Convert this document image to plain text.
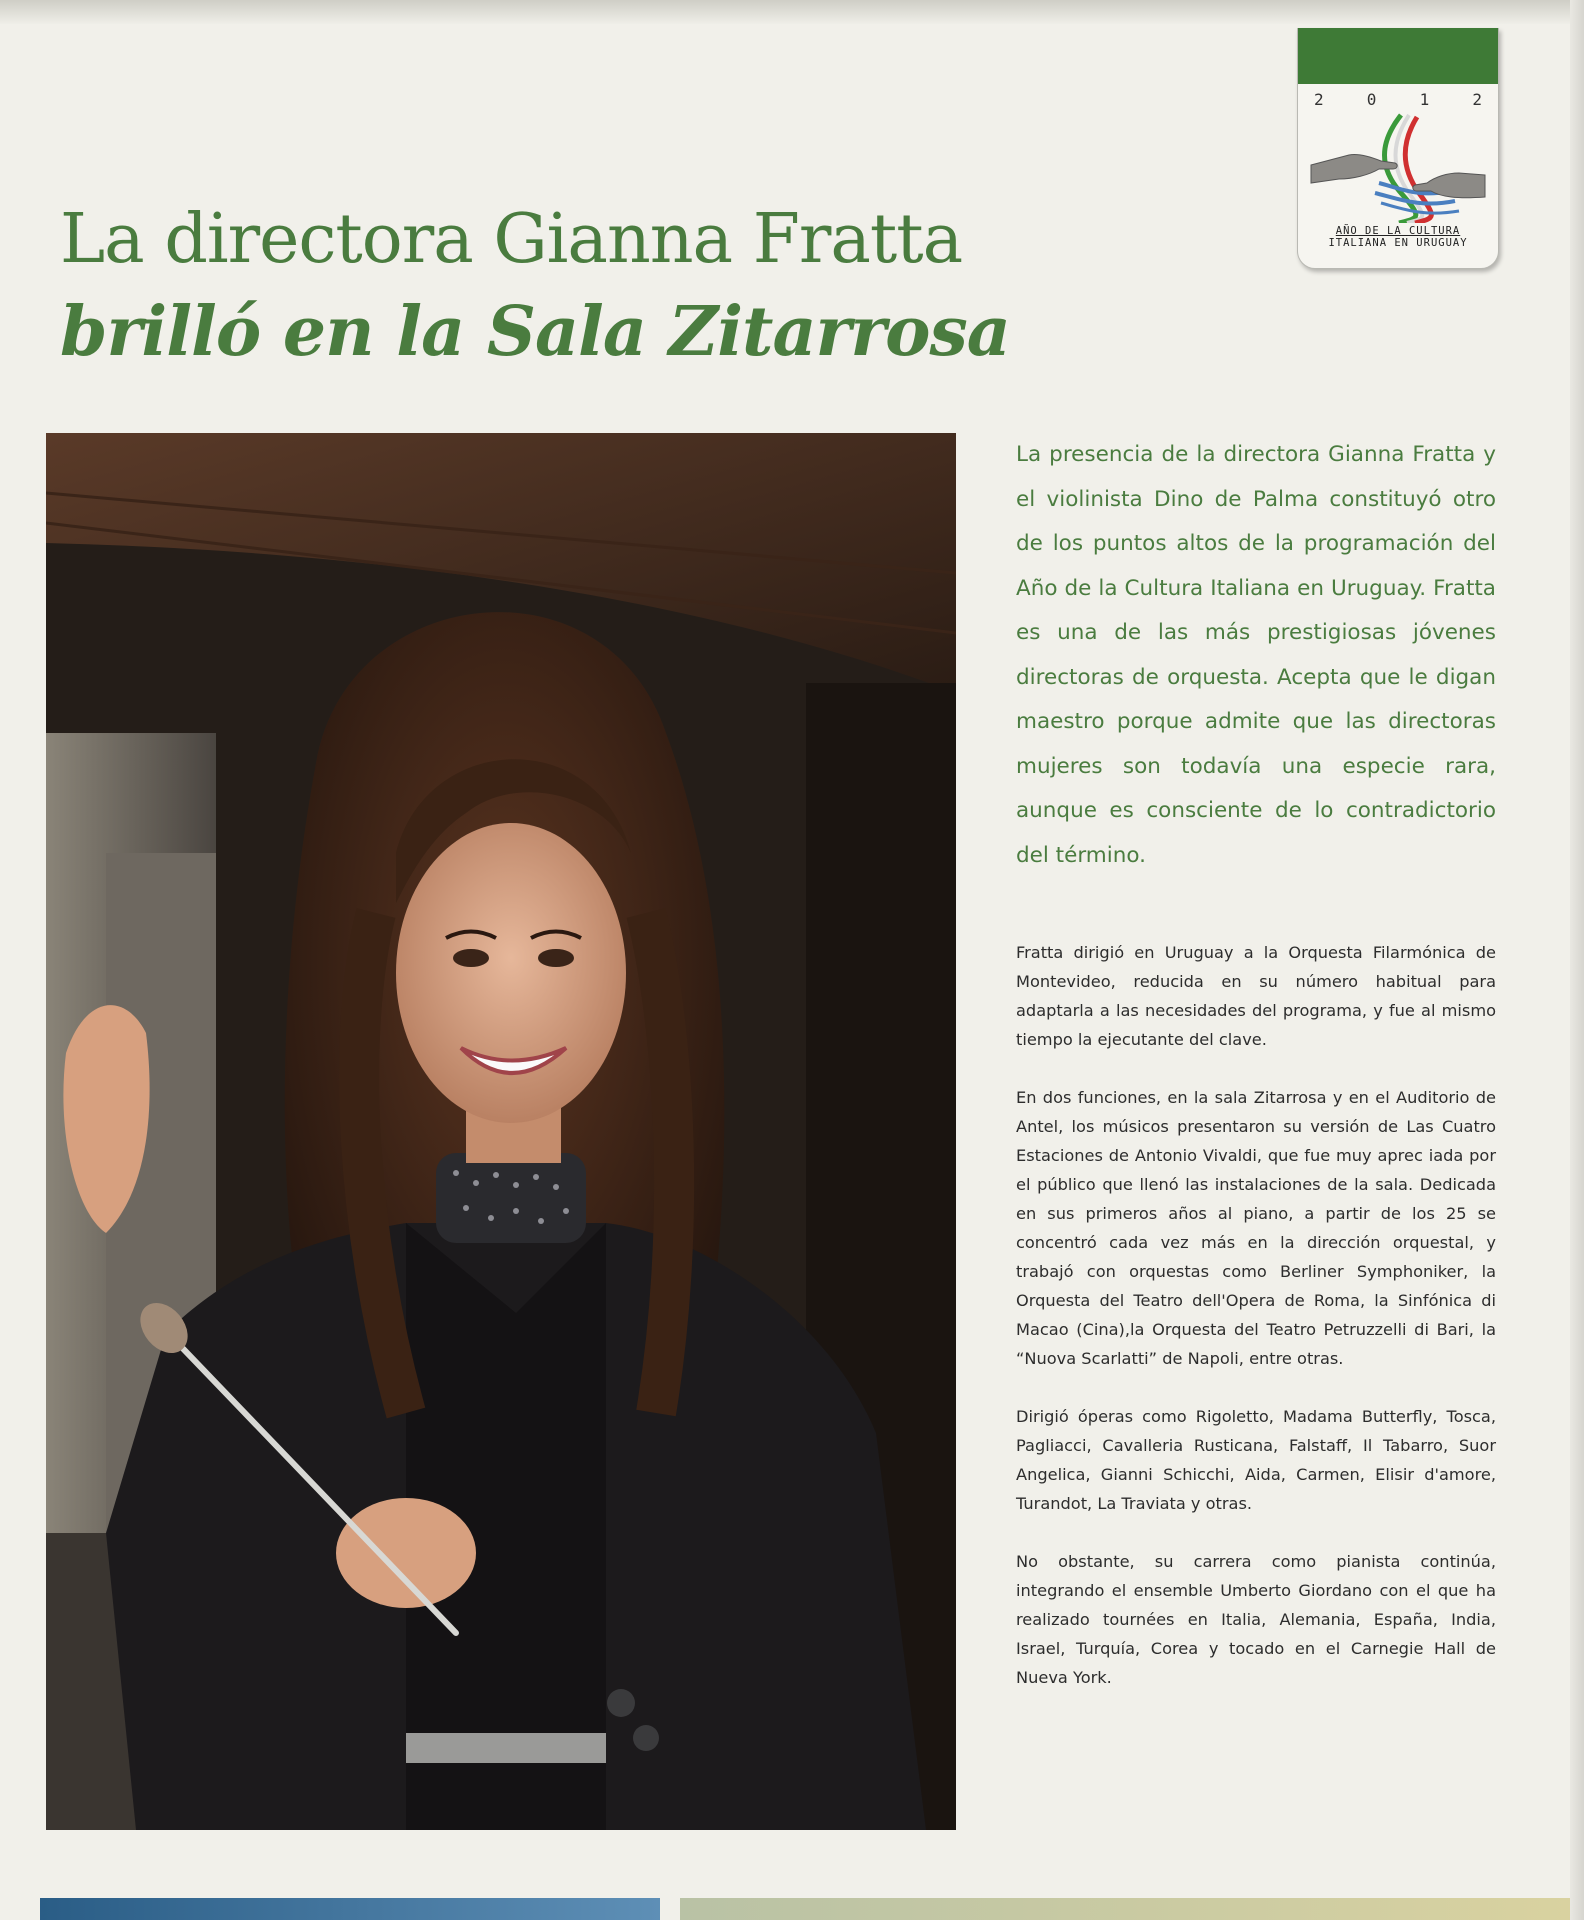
2	0	1	2
AÑO DE LA CULTURA
ITALIANA EN URUGUAY
La directora Gianna Fratta
brilló en la Sala Zitarrosa

La presencia de la directora Gianna Fratta y el violinista Dino de Palma constituyó otro de los puntos altos de la programación del Año de la Cultura Italiana en Uruguay. Fratta es una de las más prestigiosas jóvenes directoras de orquesta. Acepta que le digan maestro porque admite que las directoras mujeres son todavía una especie rara, aunque es consciente de lo contradictorio del término.

Fratta dirigió en Uruguay a la Orquesta Filarmónica de Montevideo, reducida en su número habitual para adaptarla a las necesidades del programa, y fue al mismo tiempo la ejecutante del clave.

En dos funciones, en la sala Zitarrosa y en el Auditorio de Antel, los músicos presentaron su versión de Las Cuatro Estaciones de Antonio Vivaldi, que fue muy aprec iada por el público que llenó las instalaciones de la sala. Dedicada en sus primeros años al piano, a partir de los 25 se concentró cada vez más en la dirección orquestal, y trabajó con orquestas como Berliner Symphoniker, la Orquesta del Teatro dell'Opera de Roma, la Sinfónica di Macao (Cina),la Orquesta del Teatro Petruzzelli di Bari, la “Nuova Scarlatti” de Napoli, entre otras.

Dirigió óperas como Rigoletto, Madama Butterfly, Tosca, Pagliacci, Cavalleria Rusticana, Falstaff, Il Tabarro, Suor Angelica, Gianni Schicchi, Aida, Carmen, Elisir d'amore, Turandot, La Traviata y otras.

No obstante, su carrera como pianista continúa, integrando el ensemble Umberto Giordano con el que ha realizado tournées en Italia, Alemania, España, India, Israel, Turquía, Corea y tocado en el Carnegie Hall de Nueva York.
